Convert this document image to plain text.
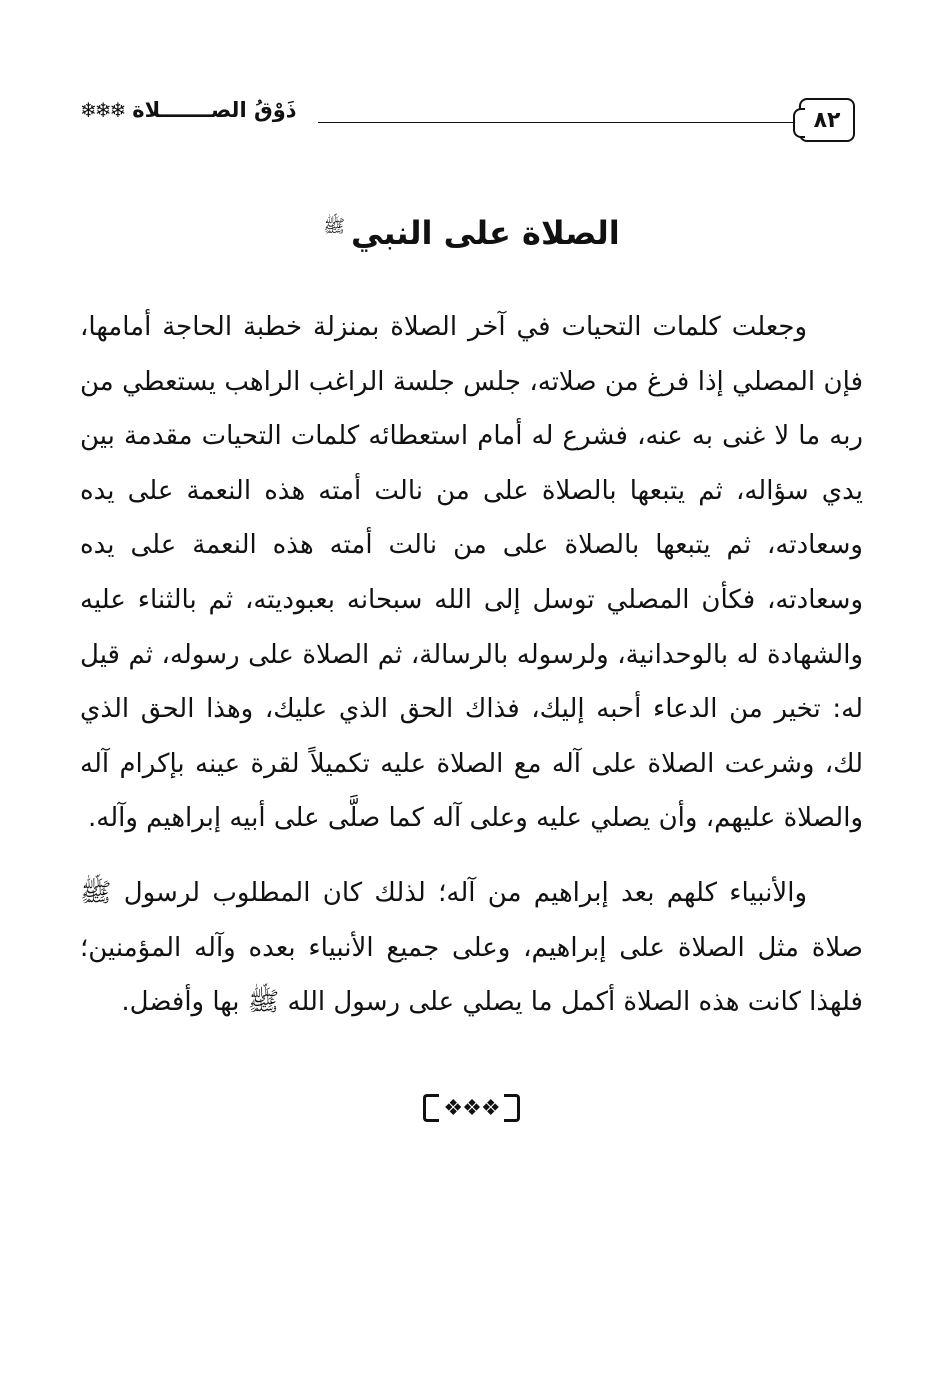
٨٢
ذَوْقُ الصـــــــلاة
❄❄❄
الصلاة على النبي$^ﷺ$

وجعلت كلمات التحيات في آخر الصلاة بمنزلة خطبة الحاجة أمامها، فإن المصلي إذا فرغ من صلاته، جلس جلسة الراغب الراهب يستعطي من ربه ما لا غنى به عنه، فشرع له أمام استعطائه كلمات التحيات مقدمة بين يدي سؤاله، ثم يتبعها بالصلاة على من نالت أمته هذه النعمة على يده وسعادته، ثم يتبعها بالصلاة على من نالت أمته هذه النعمة على يده وسعادته، فكأن المصلي توسل إلى الله سبحانه بعبوديته، ثم بالثناء عليه والشهادة له بالوحدانية، ولرسوله بالرسالة، ثم الصلاة على رسوله، ثم قيل له: تخير من الدعاء أحبه إليك، فذاك الحق الذي عليك، وهذا الحق الذي لك، وشرعت الصلاة على آله مع الصلاة عليه تكميلاً لقرة عينه بإكرام آله والصلاة عليهم، وأن يصلي عليه وعلى آله كما صلَّى على أبيه إبراهيم وآله.

والأنبياء كلهم بعد إبراهيم من آله؛ لذلك كان المطلوب لرسول ﷺ صلاة مثل الصلاة على إبراهيم، وعلى جميع الأنبياء بعده وآله المؤمنين؛ فلهذا كانت هذه الصلاة أكمل ما يصلي على رسول الله ﷺ بها وأفضل.

❖❖❖
